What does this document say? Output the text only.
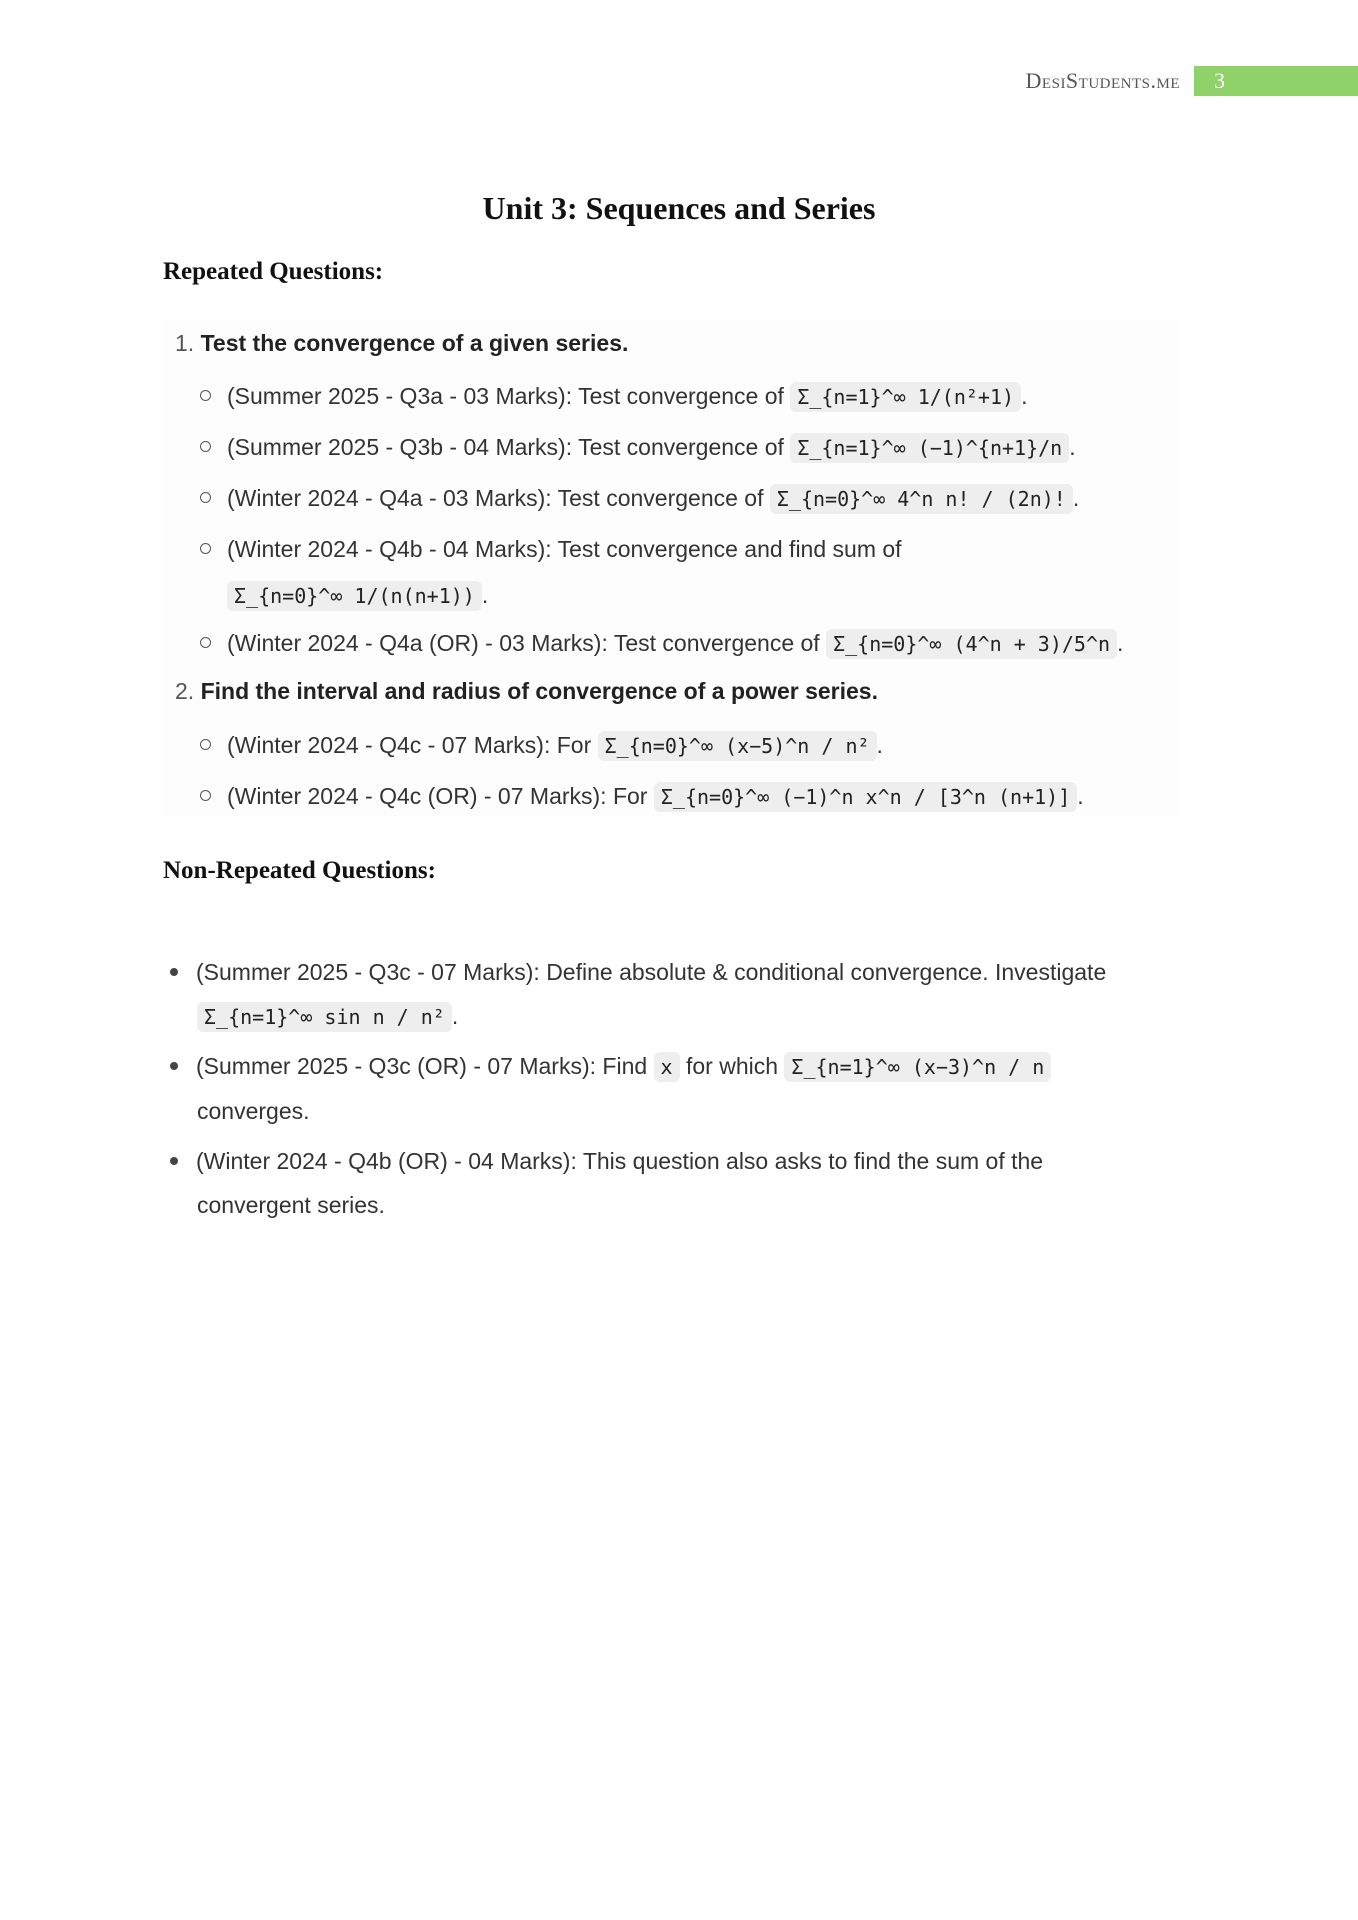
DesiStudents.me	3
Unit 3: Sequences and Series
Repeated Questions:
1. Test the convergence of a given series.
(Summer 2025 - Q3a - 03 Marks): Test convergence of Σ_{n=1}^∞ 1/(n²+1) .
(Summer 2025 - Q3b - 04 Marks): Test convergence of Σ_{n=1}^∞ (−1)^{n+1}/n .
(Winter 2024 - Q4a - 03 Marks): Test convergence of Σ_{n=0}^∞ 4^n n! / (2n)! .
(Winter 2024 - Q4b - 04 Marks): Test convergence and find sum of
Σ_{n=0}^∞ 1/(n(n+1)) .
(Winter 2024 - Q4a (OR) - 03 Marks): Test convergence of Σ_{n=0}^∞ (4^n + 3)/5^n .
2. Find the interval and radius of convergence of a power series.
(Winter 2024 - Q4c - 07 Marks): For Σ_{n=0}^∞ (x−5)^n / n² .
(Winter 2024 - Q4c (OR) - 07 Marks): For Σ_{n=0}^∞ (−1)^n x^n / [3^n (n+1)] .
Non-Repeated Questions:
(Summer 2025 - Q3c - 07 Marks): Define absolute & conditional convergence. Investigate
Σ_{n=1}^∞ sin n / n² .
(Summer 2025 - Q3c (OR) - 07 Marks): Find x for which Σ_{n=1}^∞ (x−3)^n / n
converges.
(Winter 2024 - Q4b (OR) - 04 Marks): This question also asks to find the sum of the
convergent series.
